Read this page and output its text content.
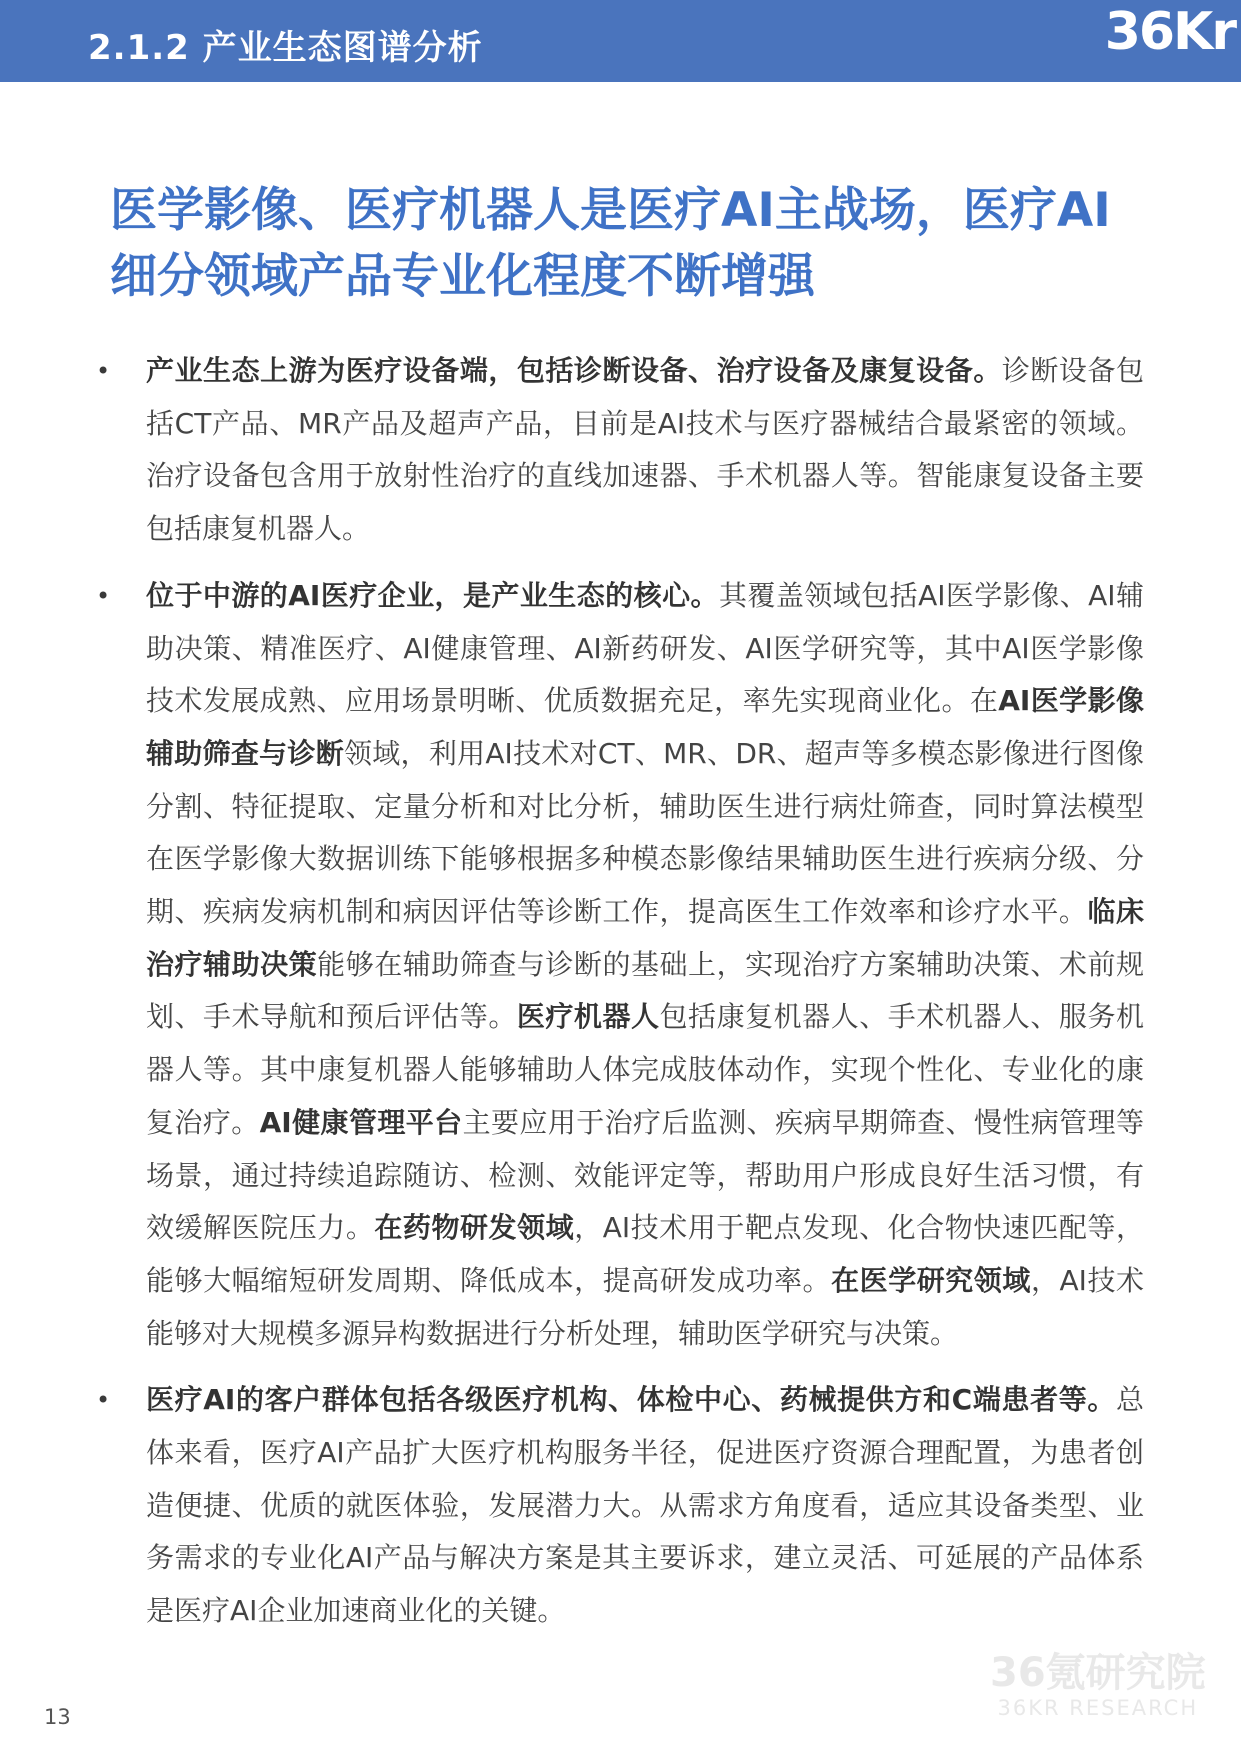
2.1.2 产业生态图谱分析	36Kr
医学影像、医疗机器人是医疗AI主战场，医疗AI细分领域产品专业化程度不断增强
• 产业生态上游为医疗设备端，包括诊断设备、治疗设备及康复设备。诊断设备包括CT产品、MR产品及超声产品，目前是AI技术与医疗器械结合最紧密的领域。治疗设备包含用于放射性治疗的直线加速器、手术机器人等。智能康复设备主要包括康复机器人。

• 位于中游的AI医疗企业，是产业生态的核心。其覆盖领域包括AI医学影像、AI辅助决策、精准医疗、AI健康管理、AI新药研发、AI医学研究等，其中AI医学影像技术发展成熟、应用场景明晰、优质数据充足，率先实现商业化。在AI医学影像辅助筛查与诊断领域，利用AI技术对CT、MR、DR、超声等多模态影像进行图像分割、特征提取、定量分析和对比分析，辅助医生进行病灶筛查，同时算法模型在医学影像大数据训练下能够根据多种模态影像结果辅助医生进行疾病分级、分期、疾病发病机制和病因评估等诊断工作，提高医生工作效率和诊疗水平。临床治疗辅助决策能够在辅助筛查与诊断的基础上，实现治疗方案辅助决策、术前规划、手术导航和预后评估等。医疗机器人包括康复机器人、手术机器人、服务机器人等。其中康复机器人能够辅助人体完成肢体动作，实现个性化、专业化的康复治疗。AI健康管理平台主要应用于治疗后监测、疾病早期筛查、慢性病管理等场景，通过持续追踪随访、检测、效能评定等，帮助用户形成良好生活习惯，有效缓解医院压力。在药物研发领域，AI技术用于靶点发现、化合物快速匹配等，能够大幅缩短研发周期、降低成本，提高研发成功率。在医学研究领域，AI技术能够对大规模多源异构数据进行分析处理，辅助医学研究与决策。

• 医疗AI的客户群体包括各级医疗机构、体检中心、药械提供方和C端患者等。总体来看，医疗AI产品扩大医疗机构服务半径，促进医疗资源合理配置，为患者创造便捷、优质的就医体验，发展潜力大。从需求方角度看，适应其设备类型、业务需求的专业化AI产品与解决方案是其主要诉求，建立灵活、可延展的产品体系是医疗AI企业加速商业化的关键。

36氪研究院
36KR RESEARCH
13
